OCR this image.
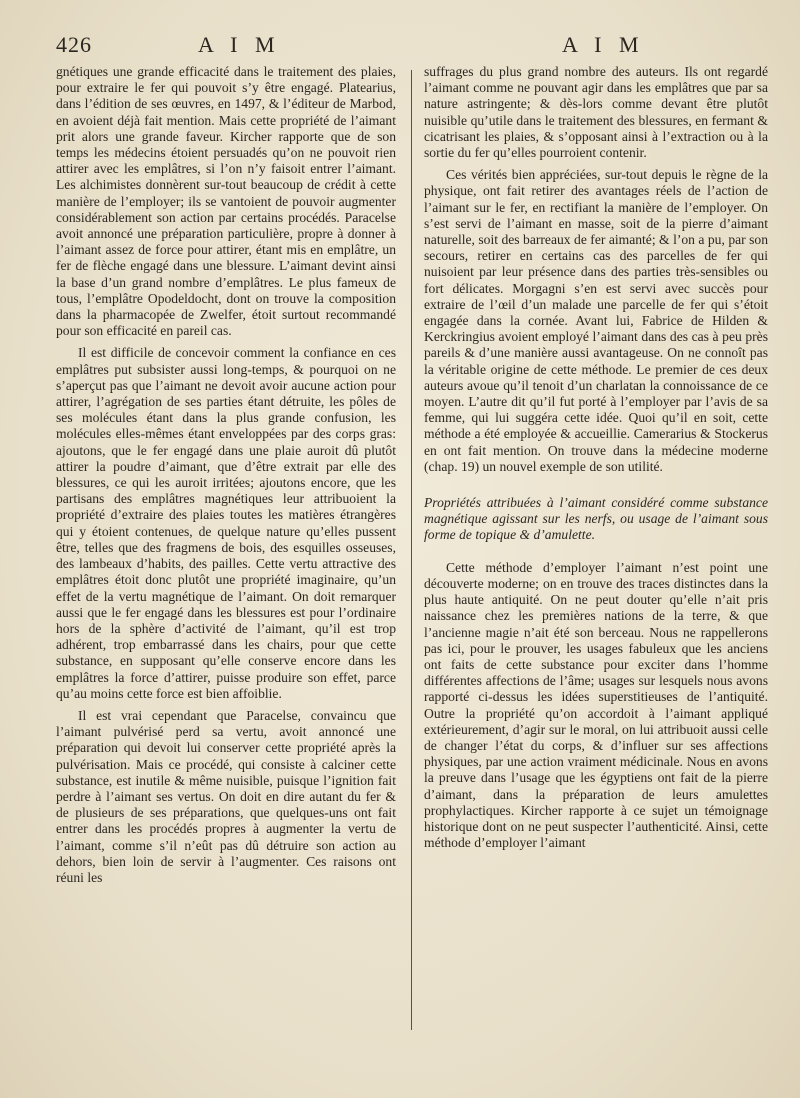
426	A I M	A I M

gnétiques une grande efficacité dans le traitement des plaies, pour extraire le fer qui pouvoit s’y être engagé. Platearius, dans l’édition de ses œuvres, en 1497, & l’éditeur de Marbod, en avoient déjà fait mention. Mais cette propriété de l’aimant prit alors une grande faveur. Kircher rapporte que de son temps les médecins étoient persuadés qu’on ne pouvoit rien attirer avec les emplâtres, si l’on n’y faisoit entrer l’aimant. Les alchimistes donnèrent sur-tout beaucoup de crédit à cette manière de l’employer; ils se vantoient de pouvoir augmenter considérablement son action par certains procédés. Paracelse avoit annoncé une préparation particulière, propre à donner à l’aimant assez de force pour attirer, étant mis en emplâtre, un fer de flèche engagé dans une blessure. L’aimant devint ainsi la base d’un grand nombre d’emplâtres. Le plus fameux de tous, l’emplâtre Opodeldocht, dont on trouve la composition dans la pharmacopée de Zwelfer, étoit surtout recommandé pour son efficacité en pareil cas.

Il est difficile de concevoir comment la confiance en ces emplâtres put subsister aussi long-temps, & pourquoi on ne s’aperçut pas que l’aimant ne devoit avoir aucune action pour attirer, l’agrégation de ses parties étant détruite, les pôles de ses molécules étant dans la plus grande confusion, les molécules elles-mêmes étant enveloppées par des corps gras: ajoutons, que le fer engagé dans une plaie auroit dû plutôt attirer la poudre d’aimant, que d’être extrait par elle des blessures, ce qui les auroit irritées; ajoutons encore, que les partisans des emplâtres magnétiques leur attribuoient la propriété d’extraire des plaies toutes les matières étrangères qui y étoient contenues, de quelque nature qu’elles pussent être, telles que des fragmens de bois, des esquilles osseuses, des lambeaux d’habits, des pailles. Cette vertu attractive des emplâtres étoit donc plutôt une propriété imaginaire, qu’un effet de la vertu magnétique de l’aimant. On doit remarquer aussi que le fer engagé dans les blessures est pour l’ordinaire hors de la sphère d’activité de l’aimant, qu’il est trop adhérent, trop embarrassé dans les chairs, pour que cette substance, en supposant qu’elle conserve encore dans les emplâtres la force d’attirer, puisse produire son effet, parce qu’au moins cette force est bien affoiblie.

Il est vrai cependant que Paracelse, convaincu que l’aimant pulvérisé perd sa vertu, avoit annoncé une préparation qui devoit lui conserver cette propriété après la pulvérisation. Mais ce procédé, qui consiste à calciner cette substance, est inutile & même nuisible, puisque l’ignition fait perdre à l’aimant ses vertus. On doit en dire autant du fer & de plusieurs de ses préparations, que quelques-uns ont fait entrer dans les procédés propres à augmenter la vertu de l’aimant, comme s’il n’eût pas dû détruire son action au dehors, bien loin de servir à l’augmenter. Ces raisons ont réuni les

suffrages du plus grand nombre des auteurs. Ils ont regardé l’aimant comme ne pouvant agir dans les emplâtres que par sa nature astringente; & dès-lors comme devant être plutôt nuisible qu’utile dans le traitement des blessures, en fermant & cicatrisant les plaies, & s’opposant ainsi à l’extraction ou à la sortie du fer qu’elles pourroient contenir.

Ces vérités bien appréciées, sur-tout depuis le règne de la physique, ont fait retirer des avantages réels de l’action de l’aimant sur le fer, en rectifiant la manière de l’employer. On s’est servi de l’aimant en masse, soit de la pierre d’aimant naturelle, soit des barreaux de fer aimanté; & l’on a pu, par son secours, retirer en certains cas des parcelles de fer qui nuisoient par leur présence dans des parties très-sensibles ou fort délicates. Morgagni s’en est servi avec succès pour extraire de l’œil d’un malade une parcelle de fer qui s’étoit engagée dans la cornée. Avant lui, Fabrice de Hilden & Kerckringius avoient employé l’aimant dans des cas à peu près pareils & d’une manière aussi avantageuse. On ne connoît pas la véritable origine de cette méthode. Le premier de ces deux auteurs avoue qu’il tenoit d’un charlatan la connoissance de ce moyen. L’autre dit qu’il fut porté à l’employer par l’avis de sa femme, qui lui suggéra cette idée. Quoi qu’il en soit, cette méthode a été employée & accueillie. Camerarius & Stockerus en ont fait mention. On trouve dans la médecine moderne (chap. 19) un nouvel exemple de son utilité.

Propriétés attribuées à l’aimant considéré comme substance magnétique agissant sur les nerfs, ou usage de l’aimant sous forme de topique & d’amulette.

Cette méthode d’employer l’aimant n’est point une découverte moderne; on en trouve des traces distinctes dans la plus haute antiquité. On ne peut douter qu’elle n’ait pris naissance chez les premières nations de la terre, & que l’ancienne magie n’ait été son berceau. Nous ne rappellerons pas ici, pour le prouver, les usages fabuleux que les anciens ont faits de cette substance pour exciter dans l’homme différentes affections de l’âme; usages sur lesquels nous avons rapporté ci-dessus les idées superstitieuses de l’antiquité. Outre la propriété qu’on accordoit à l’aimant appliqué extérieurement, d’agir sur le moral, on lui attribuoit aussi celle de changer l’état du corps, & d’influer sur ses affections physiques, par une action vraiment médicinale. Nous en avons la preuve dans l’usage que les égyptiens ont fait de la pierre d’aimant, dans la préparation de leurs amulettes prophylactiques. Kircher rapporte à ce sujet un témoignage historique dont on ne peut suspecter l’authenticité. Ainsi, cette méthode d’employer l’aimant
